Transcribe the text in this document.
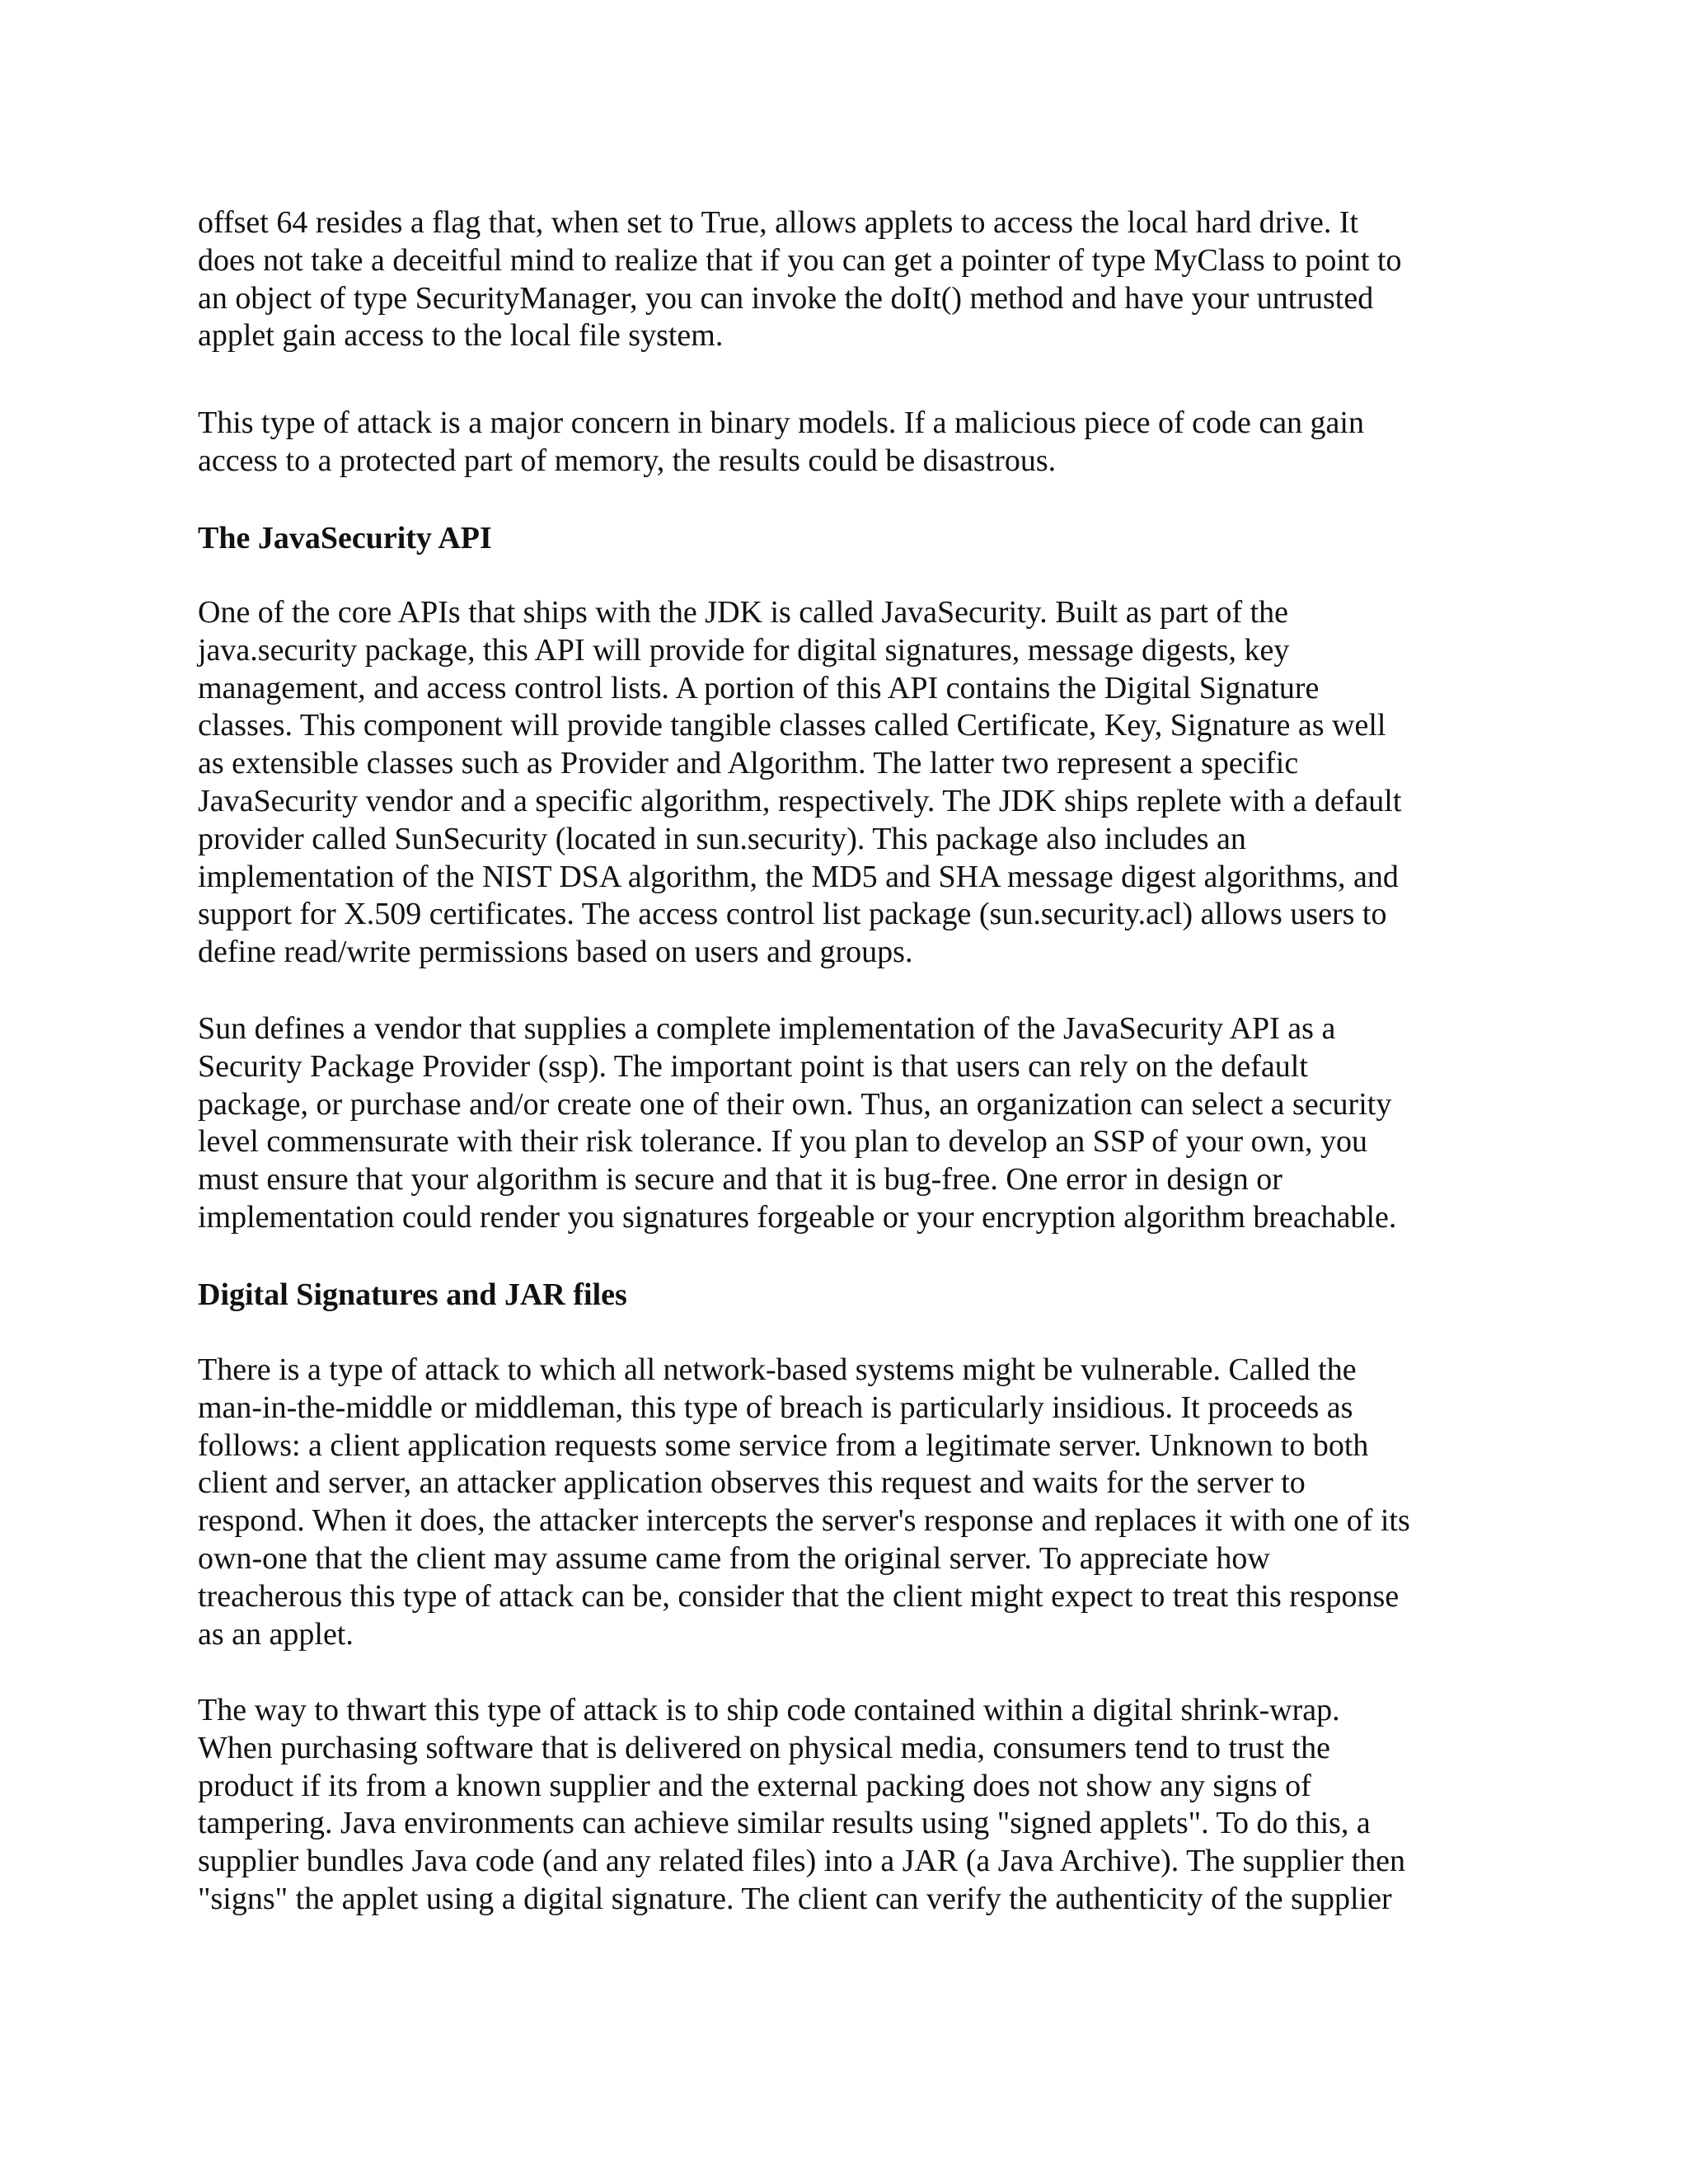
offset 64 resides a flag that, when set to True, allows applets to access the local hard drive. It
does not take a deceitful mind to realize that if you can get a pointer of type MyClass to point to
an object of type SecurityManager, you can invoke the doIt() method and have your untrusted
applet gain access to the local file system.

This type of attack is a major concern in binary models. If a malicious piece of code can gain
access to a protected part of memory, the results could be disastrous.

The JavaSecurity API

One of the core APIs that ships with the JDK is called JavaSecurity. Built as part of the
java.security package, this API will provide for digital signatures, message digests, key
management, and access control lists. A portion of this API contains the Digital Signature
classes. This component will provide tangible classes called Certificate, Key, Signature as well
as extensible classes such as Provider and Algorithm. The latter two represent a specific
JavaSecurity vendor and a specific algorithm, respectively. The JDK ships replete with a default
provider called SunSecurity (located in sun.security). This package also includes an
implementation of the NIST DSA algorithm, the MD5 and SHA message digest algorithms, and
support for X.509 certificates. The access control list package (sun.security.acl) allows users to
define read/write permissions based on users and groups.

Sun defines a vendor that supplies a complete implementation of the JavaSecurity API as a
Security Package Provider (ssp). The important point is that users can rely on the default
package, or purchase and/or create one of their own. Thus, an organization can select a security
level commensurate with their risk tolerance. If you plan to develop an SSP of your own, you
must ensure that your algorithm is secure and that it is bug-free. One error in design or
implementation could render you signatures forgeable or your encryption algorithm breachable.

Digital Signatures and JAR files

There is a type of attack to which all network-based systems might be vulnerable. Called the
man-in-the-middle or middleman, this type of breach is particularly insidious. It proceeds as
follows: a client application requests some service from a legitimate server. Unknown to both
client and server, an attacker application observes this request and waits for the server to
respond. When it does, the attacker intercepts the server's response and replaces it with one of its
own-one that the client may assume came from the original server. To appreciate how
treacherous this type of attack can be, consider that the client might expect to treat this response
as an applet.

The way to thwart this type of attack is to ship code contained within a digital shrink-wrap.
When purchasing software that is delivered on physical media, consumers tend to trust the
product if its from a known supplier and the external packing does not show any signs of
tampering. Java environments can achieve similar results using "signed applets". To do this, a
supplier bundles Java code (and any related files) into a JAR (a Java Archive). The supplier then
"signs" the applet using a digital signature. The client can verify the authenticity of the supplier
